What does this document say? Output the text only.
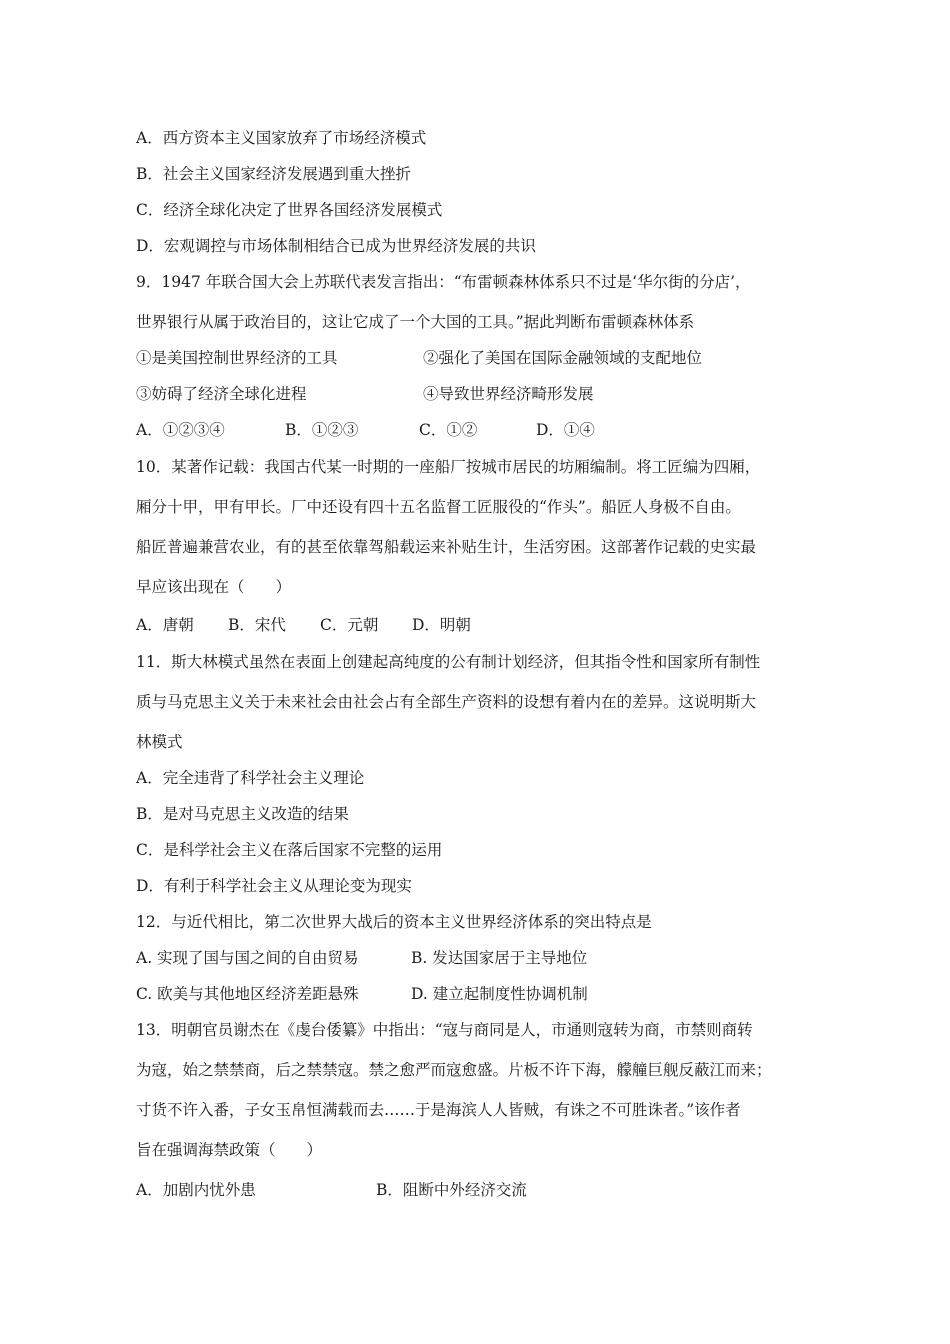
A．西方资本主义国家放弃了市场经济模式
B．社会主义国家经济发展遇到重大挫折
C．经济全球化决定了世界各国经济发展模式
D．宏观调控与市场体制相结合已成为世界经济发展的共识
9．1947 年联合国大会上苏联代表发言指出：“布雷顿森林体系只不过是‘华尔街的分店’，
世界银行从属于政治目的，这让它成了一个大国的工具。”据此判断布雷顿森林体系
①是美国控制世界经济的工具	②强化了美国在国际金融领域的支配地位
③妨碍了经济全球化进程	④导致世界经济畸形发展
A．①②③④	B．①②③	C．①②	D．①④
10．某著作记载：我国古代某一时期的一座船厂按城市居民的坊厢编制。将工匠编为四厢，
厢分十甲，甲有甲长。厂中还设有四十五名监督工匠服役的“作头”。船匠人身极不自由。
船匠普遍兼营农业，有的甚至依靠驾船载运来补贴生计，生活穷困。这部著作记载的史实最
早应该出现在（　　）
A．唐朝 B．宋代 C．元朝 D．明朝
11．斯大林模式虽然在表面上创建起高纯度的公有制计划经济，但其指令性和国家所有制性
质与马克思主义关于未来社会由社会占有全部生产资料的设想有着内在的差异。这说明斯大
林模式
A．完全违背了科学社会主义理论
B．是对马克思主义改造的结果
C．是科学社会主义在落后国家不完整的运用
D．有利于科学社会主义从理论变为现实
12．与近代相比，第二次世界大战后的资本主义世界经济体系的突出特点是
A. 实现了国与国之间的自由贸易	B. 发达国家居于主导地位
C. 欧美与其他地区经济差距悬殊	D. 建立起制度性协调机制
13．明朝官员谢杰在《虔台倭纂》中指出：“寇与商同是人，市通则寇转为商，市禁则商转
为寇，始之禁禁商，后之禁禁寇。禁之愈严而寇愈盛。片板不许下海，艨艟巨舰反蔽江而来；
寸货不许入番，子女玉帛恒满载而去……于是海滨人人皆贼，有诛之不可胜诛者。”该作者
旨在强调海禁政策（　　）
A．加剧内忧外患	B．阻断中外经济交流
